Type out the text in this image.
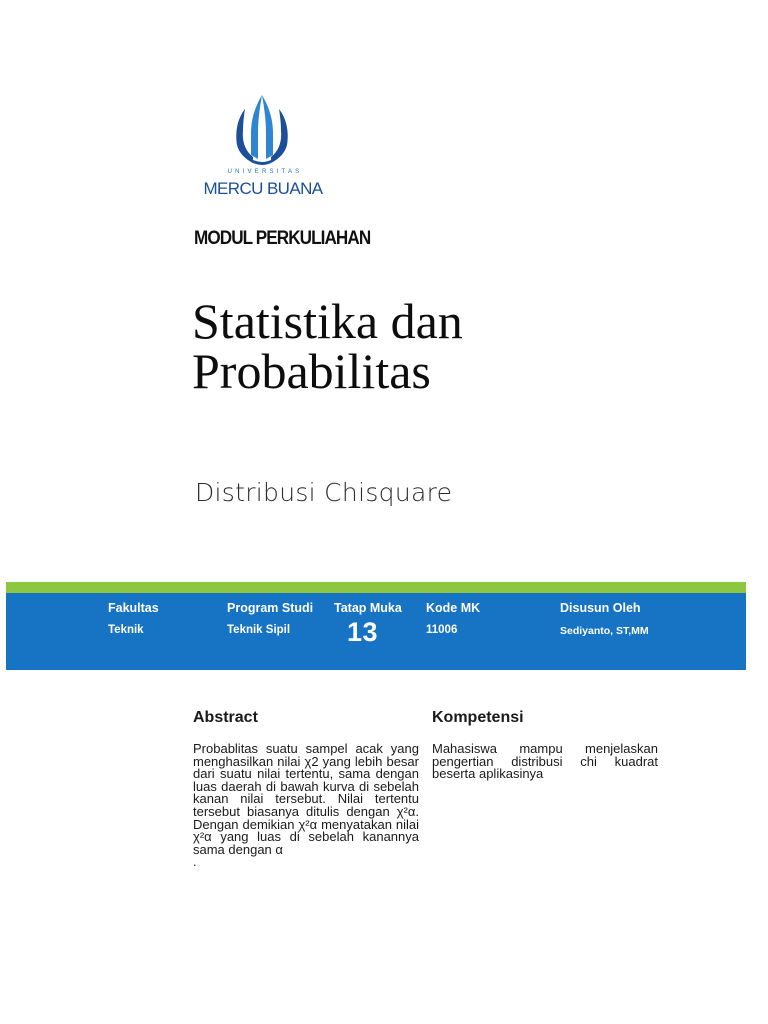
UNIVERSITAS
MERCU BUANA
MODUL PERKULIAHAN
Statistika dan
Probabilitas
Distribusi Chisquare
Fakultas
Teknik
Program Studi
Teknik Sipil
Tatap Muka
13
Kode MK
11006
Disusun Oleh
Sediyanto, ST,MM
Abstract

Probablitas suatu sampel acak yang menghasilkan nilai χ2 yang lebih besar dari suatu nilai tertentu, sama dengan luas daerah di bawah kurva di sebelah kanan nilai tersebut. Nilai tertentu tersebut biasanya ditulis dengan χ²α. Dengan demikian χ²α menyatakan nilai χ²α yang luas di sebelah kanannya sama dengan α

.

Kompetensi

Mahasiswa mampu menjelaskan pengertian distribusi chi kuadrat beserta aplikasinya
